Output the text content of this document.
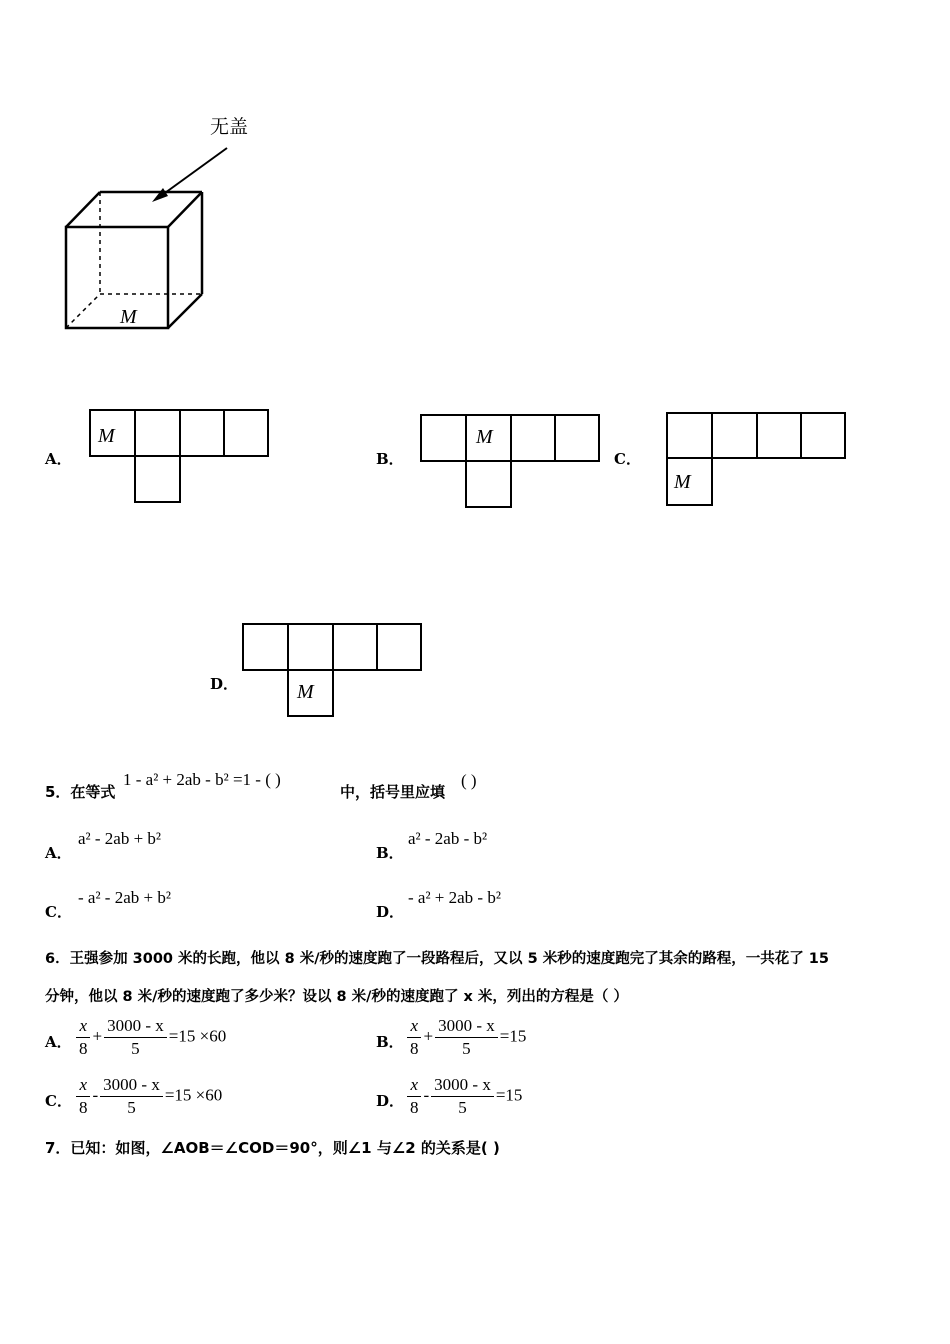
无盖
M
A．
M
B．
M
C．
M
D．	M
5．在等式
1 - a² + 2ab - b² =1 - ( )
中，括号里应填
( )
A．
a² - 2ab + b²
B．
a² - 2ab - b²
C．
- a² - 2ab + b²
D．
- a² + 2ab - b²
6．王强参加 3000 米的长跑，他以 8 米/秒的速度跑了一段路程后，又以 5 米秒的速度跑完了其余的路程，一共花了 15
分钟，他以 8 米/秒的速度跑了多少米？设以 8 米/秒的速度跑了 x 米，列出的方程是（ ）
A． $\frac{x}{8} + \frac{3000 - x}{5} =15 \times 60$	B． $\frac{x}{8} + \frac{3000 - x}{5} =15$
C． $\frac{x}{8} - \frac{3000 - x}{5} =15 \times 60$	D． $\frac{x}{8} - \frac{3000 - x}{5} =15$
7．已知：如图，∠AOB＝∠COD＝90°，则∠1 与∠2 的关系是( )
